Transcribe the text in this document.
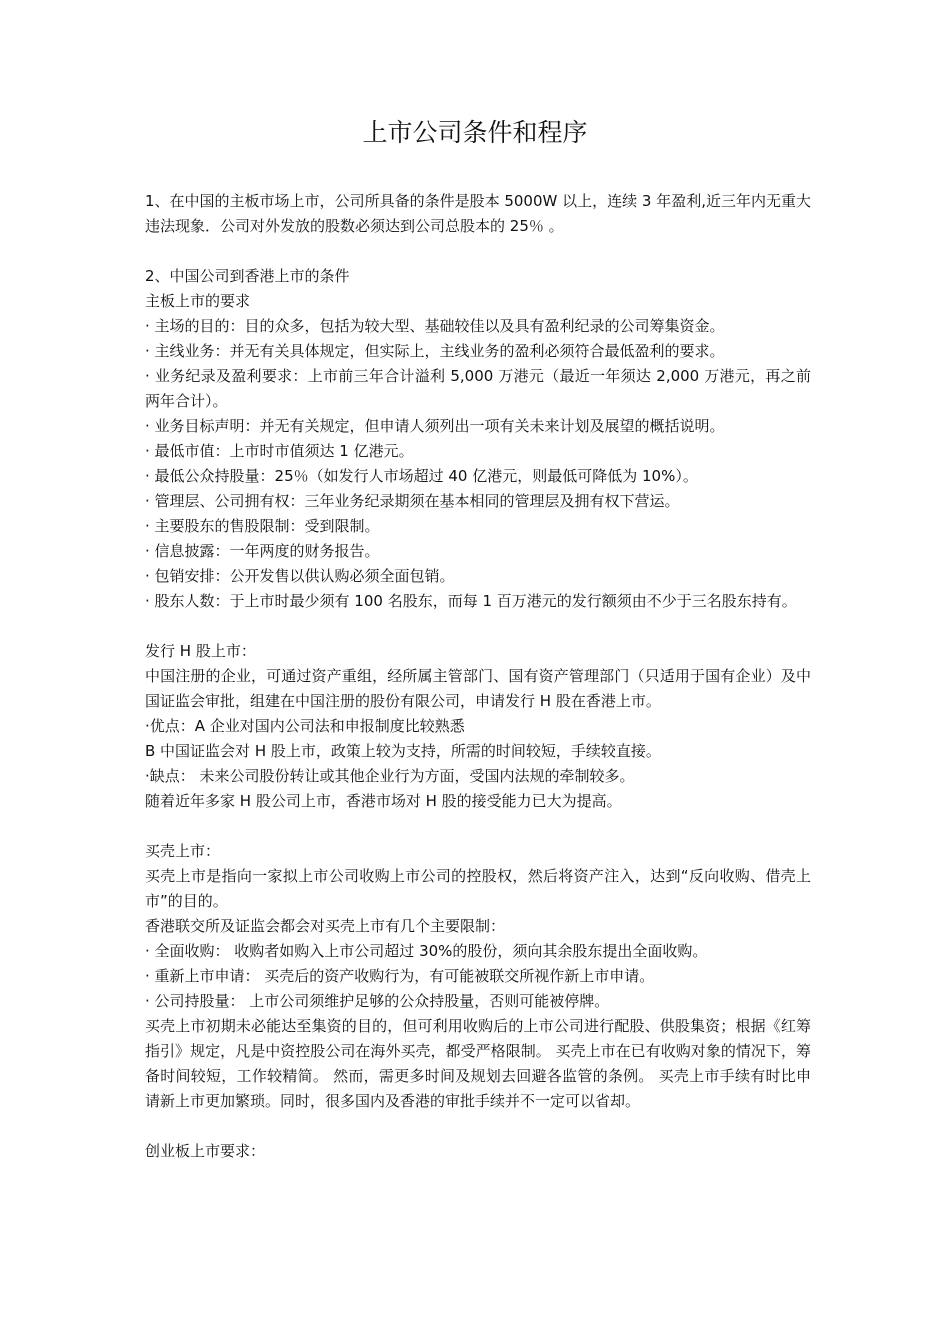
上市公司条件和程序

1、在中国的主板市场上市，公司所具备的条件是股本 5000W 以上，连续 3 年盈利,近三年内无重大违法现象．公司对外发放的股数必须达到公司总股本的 25％ 。

2、中国公司到香港上市的条件

主板上市的要求

· 主场的目的：目的众多，包括为较大型、基础较佳以及具有盈利纪录的公司筹集资金。

· 主线业务：并无有关具体规定，但实际上，主线业务的盈利必须符合最低盈利的要求。

· 业务纪录及盈利要求：上市前三年合计溢利 5,000 万港元（最近一年须达 2,000 万港元，再之前两年合计）。

· 业务目标声明：并无有关规定，但申请人须列出一项有关未来计划及展望的概括说明。

· 最低市值：上市时市值须达 1 亿港元。

· 最低公众持股量：25％（如发行人市场超过 40 亿港元，则最低可降低为 10%）。

· 管理层、公司拥有权：三年业务纪录期须在基本相同的管理层及拥有权下营运。

· 主要股东的售股限制：受到限制。

· 信息披露：一年两度的财务报告。

· 包销安排：公开发售以供认购必须全面包销。

· 股东人数：于上市时最少须有 100 名股东，而每 1 百万港元的发行额须由不少于三名股东持有。

发行 H 股上市：

中国注册的企业，可通过资产重组，经所属主管部门、国有资产管理部门（只适用于国有企业）及中国证监会审批，组建在中国注册的股份有限公司，申请发行 H 股在香港上市。

·优点：A 企业对国内公司法和申报制度比较熟悉

B 中国证监会对 H 股上市，政策上较为支持，所需的时间较短，手续较直接。

·缺点： 未来公司股份转让或其他企业行为方面，受国内法规的牵制较多。

随着近年多家 H 股公司上市，香港市场对 H 股的接受能力已大为提高。

买壳上市：

买壳上市是指向一家拟上市公司收购上市公司的控股权，然后将资产注入，达到“反向收购、借壳上市”的目的。

香港联交所及证监会都会对买壳上市有几个主要限制：

· 全面收购： 收购者如购入上市公司超过 30%的股份，须向其余股东提出全面收购。

· 重新上市申请： 买壳后的资产收购行为，有可能被联交所视作新上市申请。

· 公司持股量： 上市公司须维护足够的公众持股量，否则可能被停牌。

买壳上市初期未必能达至集资的目的，但可利用收购后的上市公司进行配股、供股集资；根据《红筹指引》规定，凡是中资控股公司在海外买壳，都受严格限制。 买壳上市在已有收购对象的情况下，筹备时间较短，工作较精简。 然而，需更多时间及规划去回避各监管的条例。 买壳上市手续有时比申请新上市更加繁琐。同时，很多国内及香港的审批手续并不一定可以省却。

创业板上市要求：
